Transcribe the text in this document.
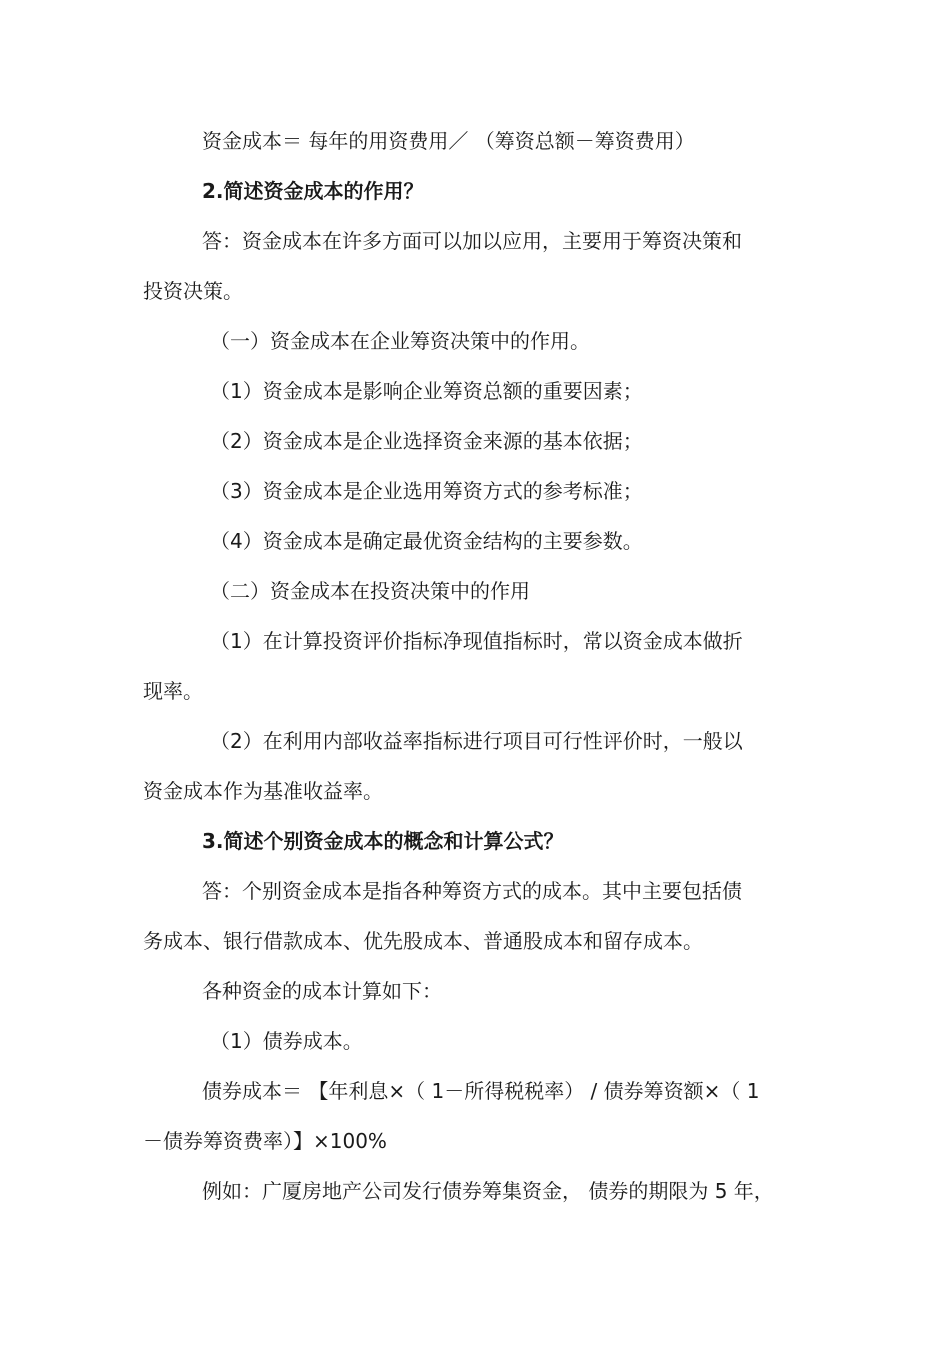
资金成本＝ 每年的用资费用／ （筹资总额－筹资费用）
2.简述资金成本的作用？
答：资金成本在许多方面可以加以应用，主要用于筹资决策和
投资决策。
（一）资金成本在企业筹资决策中的作用。
（1）资金成本是影响企业筹资总额的重要因素；
（2）资金成本是企业选择资金来源的基本依据；
（3）资金成本是企业选用筹资方式的参考标准；
（4）资金成本是确定最优资金结构的主要参数。
（二）资金成本在投资决策中的作用
（1）在计算投资评价指标净现值指标时，常以资金成本做折
现率。
（2）在利用内部收益率指标进行项目可行性评价时，一般以
资金成本作为基准收益率。
3.简述个别资金成本的概念和计算公式？
答：个别资金成本是指各种筹资方式的成本。其中主要包括债
务成本、银行借款成本、优先股成本、普通股成本和留存成本。
各种资金的成本计算如下：
（1）债券成本。
债券成本＝ 【年利息×（ 1－所得税税率） / 债券筹资额×（ 1
－债券筹资费率）】×100%
例如：广厦房地产公司发行债券筹集资金， 债券的期限为 5 年，
